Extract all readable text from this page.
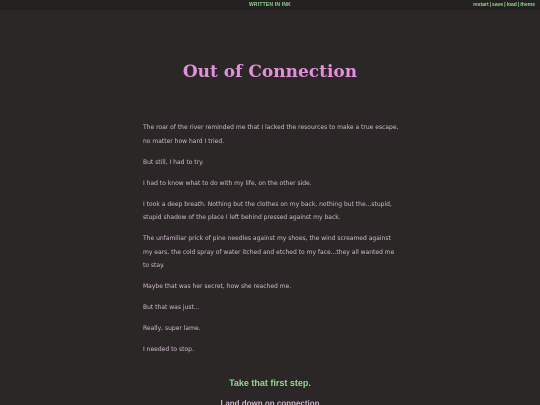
WRITTEN IN INK	restart|save|load|theme
Out of Connection

The roar of the river reminded me that I lacked the resources to make a true escape, no matter how hard I tried.

But still, I had to try.

I had to know what to do with my life, on the other side.

I took a deep breath. Nothing but the clothes on my back, nothing but the...stupid, stupid shadow of the place I left behind pressed against my back.

The unfamiliar prick of pine needles against my shoes, the wind screamed against my ears, the cold spray of water itched and etched to my face...they all wanted me to stay.

Maybe that was her secret, how she reached me.

But that was just...

Really, super lame.

I needed to stop.

Take that first step.
Land down on connection
